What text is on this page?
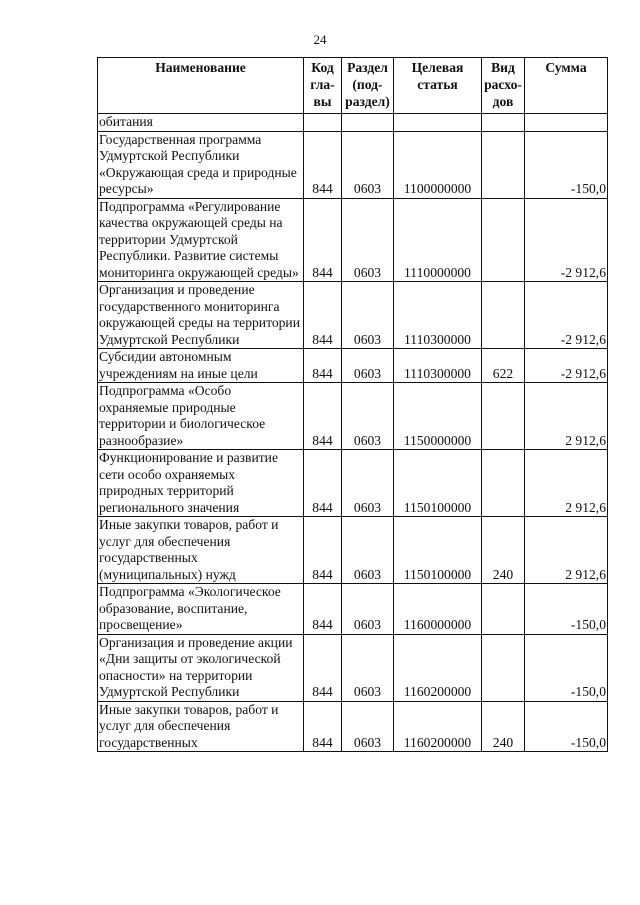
24
Наименование	Код гла-вы	Раздел (под-раздел)	Целевая статья	Вид расхо-дов	Сумма
обитания					
Государственная программа Удмуртской Республики «Окружающая среда и природные ресурсы»	844	0603	1100000000		-150,0
Подпрограмма «Регулирование качества окружающей среды на территории Удмуртской Республики. Развитие системы мониторинга окружающей среды»	844	0603	1110000000		-2 912,6
Организация и проведение государственного мониторинга окружающей среды на территории Удмуртской Республики	844	0603	1110300000		-2 912,6
Субсидии автономным учреждениям на иные цели	844	0603	1110300000	622	-2 912,6
Подпрограмма «Особо охраняемые природные территории и биологическое разнообразие»	844	0603	1150000000		2 912,6
Функционирование и развитие сети особо охраняемых природных территорий регионального значения	844	0603	1150100000		2 912,6
Иные закупки товаров, работ и услуг для обеспечения государственных (муниципальных) нужд	844	0603	1150100000	240	2 912,6
Подпрограмма «Экологическое образование, воспитание, просвещение»	844	0603	1160000000		-150,0
Организация и проведение акции «Дни защиты от экологической опасности» на территории Удмуртской Республики	844	0603	1160200000		-150,0
Иные закупки товаров, работ и услуг для обеспечения государственных	844	0603	1160200000	240	-150,0
